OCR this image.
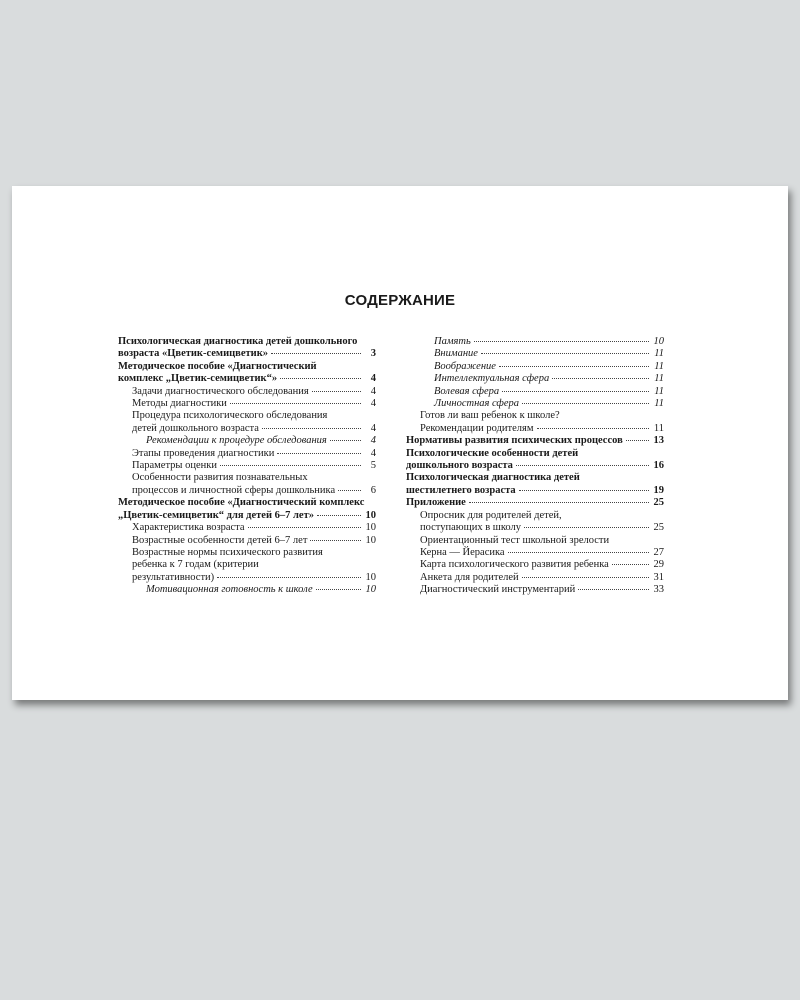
СОДЕРЖАНИЕ
Психологическая диагностика детей дошкольного
возраста «Цветик-семицветик»	3
Методическое пособие «Диагностический
комплекс „Цветик-семицветик“»	4
Задачи диагностического обследования	4
Методы диагностики	4
Процедура психологического обследования
детей дошкольного возраста	4
Рекомендации к процедуре обследования	4
Этапы проведения диагностики	4
Параметры оценки	5
Особенности развития познавательных
процессов и личностной сферы дошкольника	6
Методическое пособие «Диагностический комплекс
„Цветик-семицветик“ для детей 6–7 лет»	10
Характеристика возраста	10
Возрастные особенности детей 6–7 лет	10
Возрастные нормы психического развития
ребенка к 7 годам (критерии
результативности)	10
Мотивационная готовность к школе	10
Память	10
Внимание	11
Воображение	11
Интеллектуальная сфера	11
Волевая сфера	11
Личностная сфера	11
Готов ли ваш ребенок к школе?
Рекомендации родителям	11
Нормативы развития психических процессов	13
Психологические особенности детей
дошкольного возраста	16
Психологическая диагностика детей
шестилетнего возраста	19
Приложение	25
Опросник для родителей детей,
поступающих в школу	25
Ориентационный тест школьной зрелости
Керна — Йерасика	27
Карта психологического развития ребенка	29
Анкета для родителей	31
Диагностический инструментарий	33
